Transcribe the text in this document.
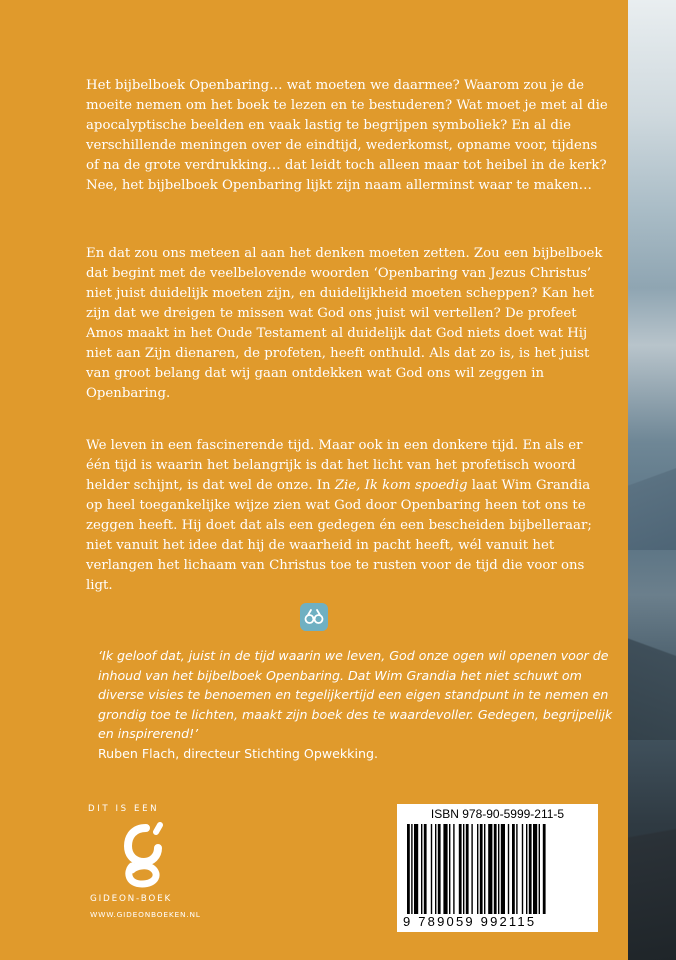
Het bijbelboek Openbaring… wat moeten we daarmee? Waarom zou je de moeite nemen om het boek te lezen en te bestuderen? Wat moet je met al die apocalyptische beelden en vaak lastig te begrijpen symboliek? En al die verschillende meningen over de eindtijd, wederkomst, opname voor, tijdens of na de grote verdrukking… dat leidt toch alleen maar tot heibel in de kerk? Nee, het bijbelboek Openbaring lijkt zijn naam allerminst waar te maken…

En dat zou ons meteen al aan het denken moeten zetten. Zou een bijbelboek dat begint met de veelbelovende woorden ‘Openbaring van Jezus Christus’ niet juist duidelijk moeten zijn, en duidelijkheid moeten scheppen? Kan het zijn dat we dreigen te missen wat God ons juist wil vertellen? De profeet Amos maakt in het Oude Testament al duidelijk dat God niets doet wat Hij niet aan Zijn dienaren, de profeten, heeft onthuld. Als dat zo is, is het juist van groot belang dat wij gaan ontdekken wat God ons wil zeggen in Openbaring.

We leven in een fascinerende tijd. Maar ook in een donkere tijd. En als er één tijd is waarin het belangrijk is dat het licht van het profetisch woord helder schijnt, is dat wel de onze. In Zie, Ik kom spoedig laat Wim Grandia op heel toegankelijke wijze zien wat God door Openbaring heen tot ons te zeggen heeft. Hij doet dat als een gedegen én een bescheiden bijbelleraar; niet vanuit het idee dat hij de waarheid in pacht heeft, wél vanuit het verlangen het lichaam van Christus toe te rusten voor de tijd die voor ons ligt.

‘Ik geloof dat, juist in de tijd waarin we leven, God onze ogen wil openen voor de inhoud van het bijbelboek Openbaring. Dat Wim Grandia het niet schuwt om diverse visies te benoemen en tegelijkertijd een eigen standpunt in te nemen en grondig toe te lichten, maakt zijn boek des te waardevoller. Gedegen, begrijpelijk en inspirerend!’
Ruben Flach, directeur Stichting Opwekking.

DIT IS EEN
GIDEON-BOEK
WWW.GIDEONBOEKEN.NL
ISBN 978-90-5999-211-5
9 789059 992115
